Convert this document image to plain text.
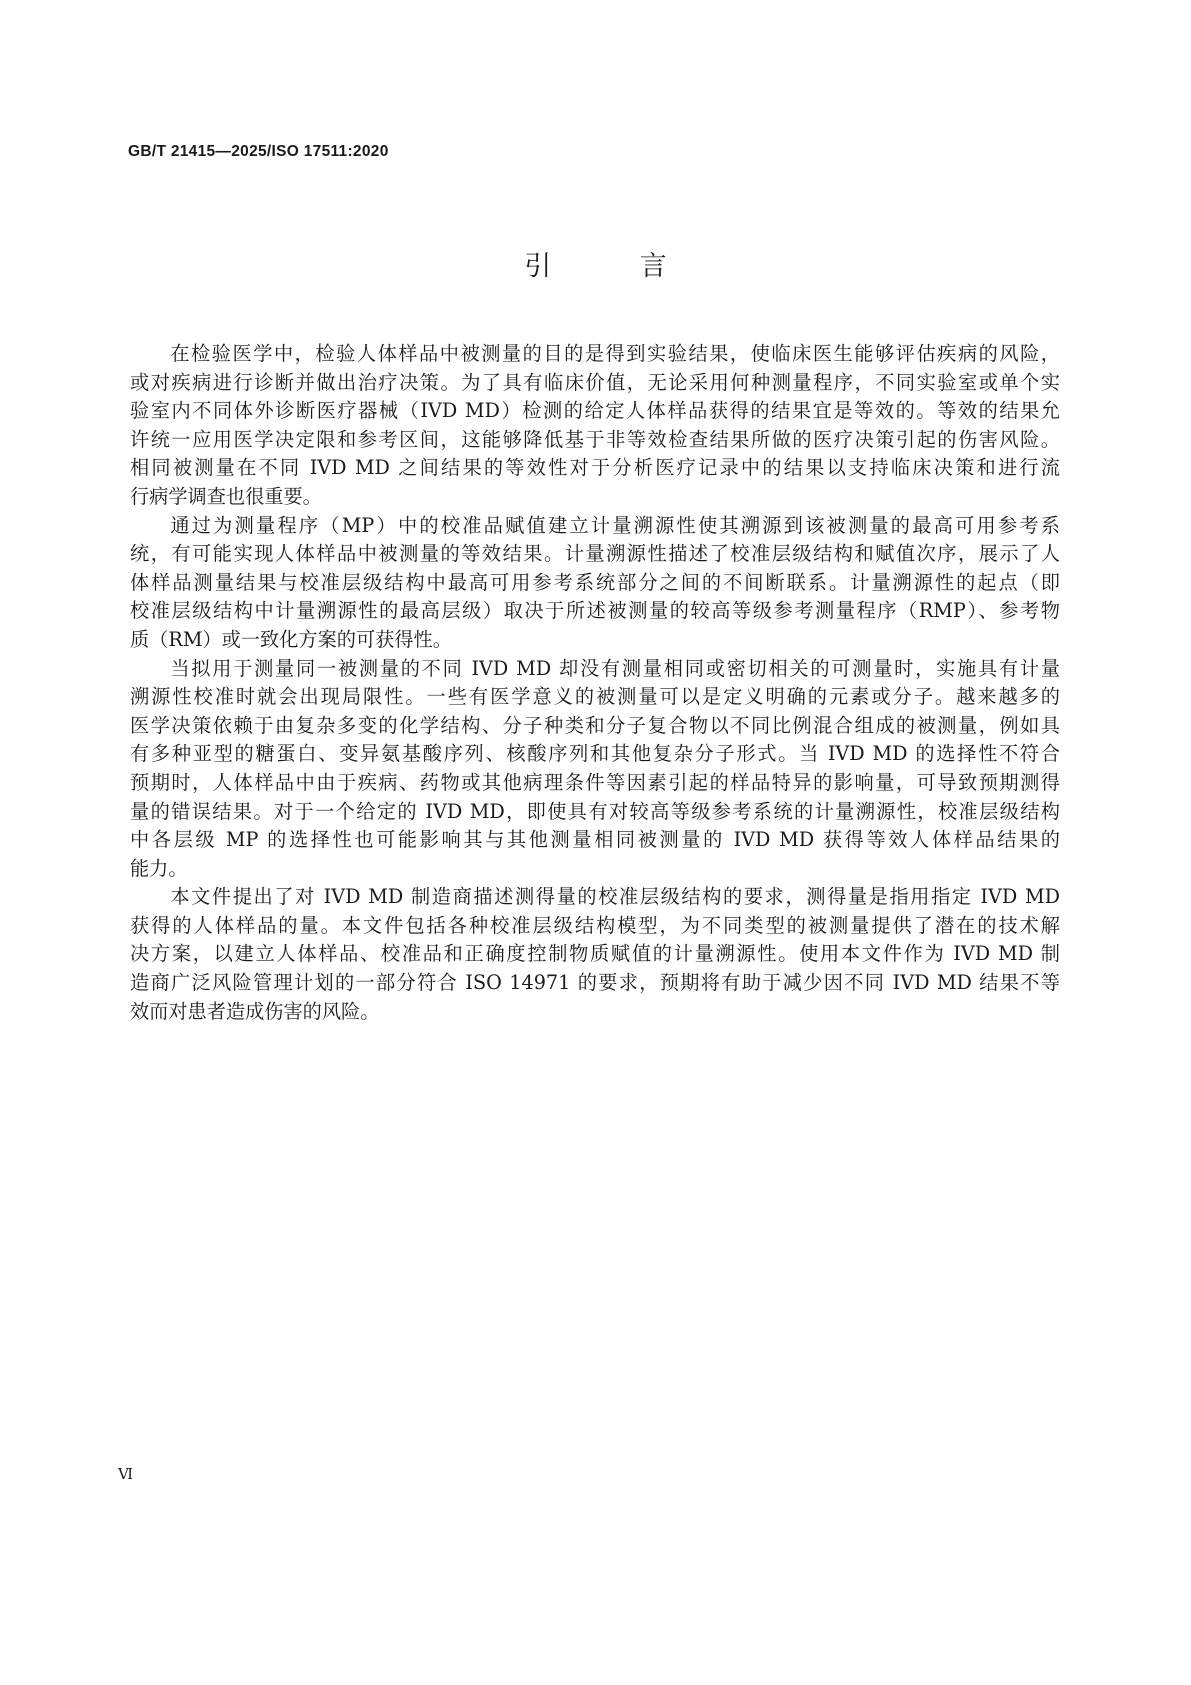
GB/T 21415—2025/ISO 17511:2020
引 言
在检验医学中，检验人体样品中被测量的目的是得到实验结果，使临床医生能够评估疾病的风险，
或对疾病进行诊断并做出治疗决策。为了具有临床价值，无论采用何种测量程序，不同实验室或单个实
验室内不同体外诊断医疗器械（IVD MD）检测的给定人体样品获得的结果宜是等效的。等效的结果允
许统一应用医学决定限和参考区间，这能够降低基于非等效检查结果所做的医疗决策引起的伤害风险。
相同被测量在不同 IVD MD 之间结果的等效性对于分析医疗记录中的结果以支持临床决策和进行流
行病学调查也很重要。
通过为测量程序（MP）中的校准品赋值建立计量溯源性使其溯源到该被测量的最高可用参考系
统，有可能实现人体样品中被测量的等效结果。计量溯源性描述了校准层级结构和赋值次序，展示了人
体样品测量结果与校准层级结构中最高可用参考系统部分之间的不间断联系。计量溯源性的起点（即
校准层级结构中计量溯源性的最高层级）取决于所述被测量的较高等级参考测量程序（RMP）、参考物
质（RM）或一致化方案的可获得性。
当拟用于测量同一被测量的不同 IVD MD 却没有测量相同或密切相关的可测量时，实施具有计量
溯源性校准时就会出现局限性。一些有医学意义的被测量可以是定义明确的元素或分子。越来越多的
医学决策依赖于由复杂多变的化学结构、分子种类和分子复合物以不同比例混合组成的被测量，例如具
有多种亚型的糖蛋白、变异氨基酸序列、核酸序列和其他复杂分子形式。当 IVD MD 的选择性不符合
预期时，人体样品中由于疾病、药物或其他病理条件等因素引起的样品特异的影响量，可导致预期测得
量的错误结果。对于一个给定的 IVD MD，即使具有对较高等级参考系统的计量溯源性，校准层级结构
中各层级 MP 的选择性也可能影响其与其他测量相同被测量的 IVD MD 获得等效人体样品结果的
能力。
本文件提出了对 IVD MD 制造商描述测得量的校准层级结构的要求，测得量是指用指定 IVD MD
获得的人体样品的量。本文件包括各种校准层级结构模型，为不同类型的被测量提供了潜在的技术解
决方案，以建立人体样品、校准品和正确度控制物质赋值的计量溯源性。使用本文件作为 IVD MD 制
造商广泛风险管理计划的一部分符合 ISO 14971 的要求，预期将有助于减少因不同 IVD MD 结果不等
效而对患者造成伤害的风险。
Ⅵ
